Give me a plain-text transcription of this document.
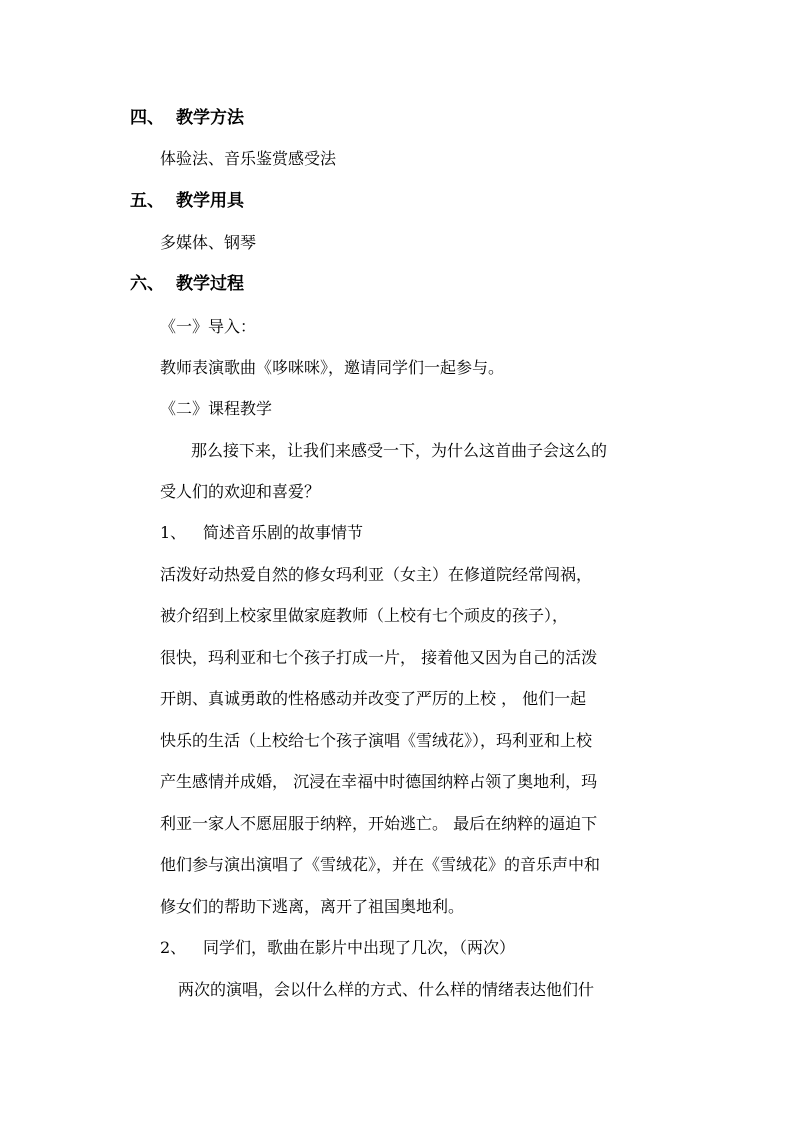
四、 教学方法
体验法、音乐鉴赏感受法
五、 教学用具
多媒体、钢琴
六、 教学过程
《一》导入：
教师表演歌曲《哆咪咪》，邀请同学们一起参与。
《二》课程教学
那么接下来，让我们来感受一下，为什么这首曲子会这么的
受人们的欢迎和喜爱？
1、 简述音乐剧的故事情节
活泼好动热爱自然的修女玛利亚（女主）在修道院经常闯祸，
被介绍到上校家里做家庭教师（上校有七个顽皮的孩子），
很快，玛利亚和七个孩子打成一片， 接着他又因为自己的活泼
开朗、真诚勇敢的性格感动并改变了严厉的上校 ， 他们一起
快乐的生活（上校给七个孩子演唱《雪绒花》），玛利亚和上校
产生感情并成婚， 沉浸在幸福中时德国纳粹占领了奥地利，玛
利亚一家人不愿屈服于纳粹，开始逃亡。 最后在纳粹的逼迫下
他们参与演出演唱了《雪绒花》，并在《雪绒花》的音乐声中和
修女们的帮助下逃离，离开了祖国奥地利。
2、 同学们，歌曲在影片中出现了几次，（两次）
两次的演唱，会以什么样的方式、什么样的情绪表达他们什
